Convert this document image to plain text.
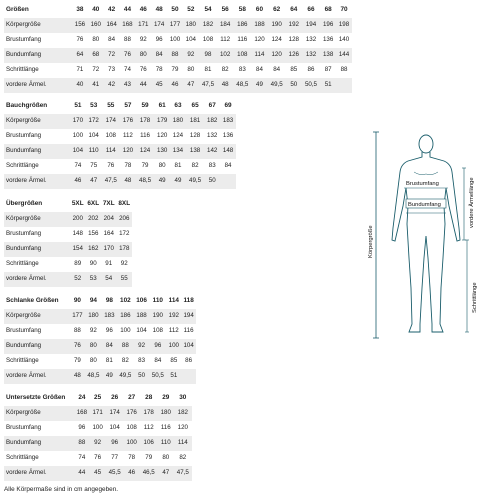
Größen	38	40	42	44	46	48	50	52	54	56	58	60	62	64	66	68	70
Körpergröße	156	160	164	168	171	174	177	180	182	184	186	188	190	192	194	196	198
Brustumfang	76	80	84	88	92	96	100	104	108	112	116	120	124	128	132	136	140
Bundumfang	64	68	72	76	80	84	88	92	98	102	108	114	120	126	132	138	144
Schrittlänge	71	72	73	74	76	78	79	80	81	82	83	84	84	85	86	87	88
vordere Ärmel.	40	41	42	43	44	45	46	47	47,5	48	48,5	49	49,5	50	50,5	51	
Bauchgrößen	51	53	55	57	59	61	63	65	67	69
Körpergröße	170	172	174	176	178	179	180	181	182	183
Brustumfang	100	104	108	112	116	120	124	128	132	136
Bundumfang	104	110	114	120	124	130	134	138	142	148
Schrittlänge	74	75	76	78	79	80	81	82	83	84
vordere Ärmel.	46	47	47,5	48	48,5	49	49	49,5	50	
Übergrößen	5XL	6XL	7XL	8XL
Körpergröße	200	202	204	206
Brustumfang	148	156	164	172
Bundumfang	154	162	170	178
Schrittlänge	89	90	91	92
vordere Ärmel.	52	53	54	55
Schlanke Größen	90	94	98	102	106	110	114	118
Körpergröße	177	180	183	186	188	190	192	194
Brustumfang	88	92	96	100	104	108	112	116
Bundumfang	76	80	84	88	92	96	100	104
Schrittlänge	79	80	81	82	83	84	85	86
vordere Ärmel.	48	48,5	49	49,5	50	50,5	51	
Untersetzte Größen	24	25	26	27	28	29	30
Körpergröße	168	171	174	176	178	180	182
Brustumfang	96	100	104	108	112	116	120
Bundumfang	88	92	96	100	106	110	114
Schrittlänge	74	76	77	78	79	80	82
vordere Ärmel.	44	45	45,5	46	46,5	47	47,5
Alle Körpermaße sind in cm angegeben.
Körpergröße
Brustumfang
Bundumfang	vordere Ärmellänge
Schrittlänge
